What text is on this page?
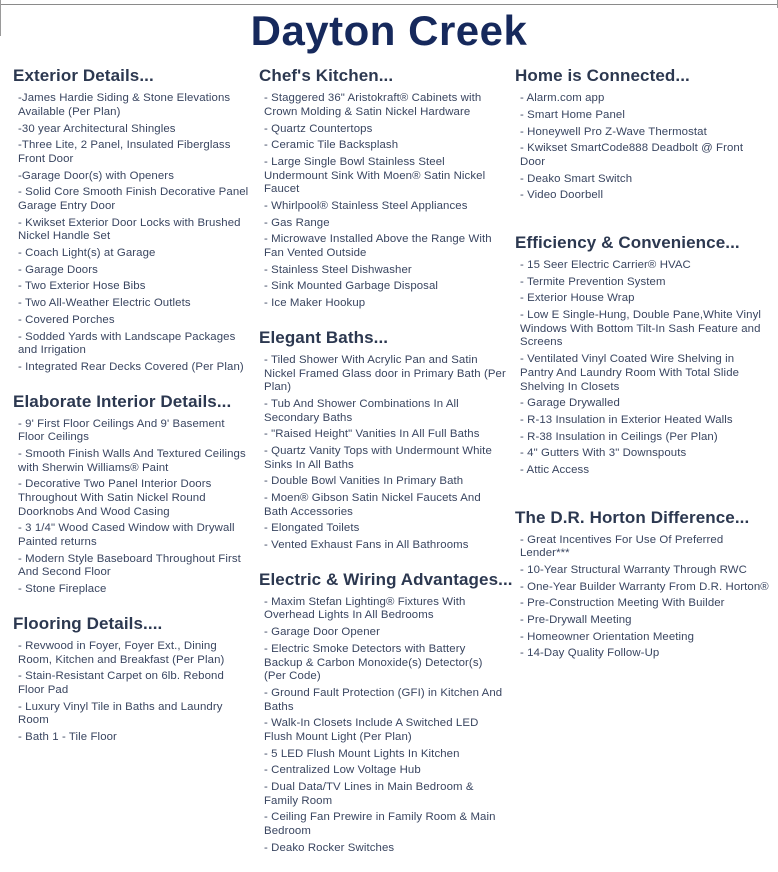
Dayton Creek
Exterior Details...

-James Hardie Siding & Stone Elevations Available (Per Plan)

-30 year Architectural Shingles

-Three Lite, 2 Panel, Insulated Fiberglass Front Door

-Garage Door(s) with Openers

- Solid Core Smooth Finish Decorative Panel Garage Entry Door

- Kwikset Exterior Door Locks with Brushed Nickel Handle Set

- Coach Light(s) at Garage

- Garage Doors

- Two Exterior Hose Bibs

- Two All-Weather Electric Outlets

- Covered Porches

- Sodded Yards with Landscape Packages and Irrigation

- Integrated Rear Decks Covered (Per Plan)

Elaborate Interior Details...

- 9' First Floor Ceilings And 9' Basement Floor Ceilings

- Smooth Finish Walls And Textured Ceilings with Sherwin Williams® Paint

- Decorative Two Panel Interior Doors Throughout With Satin Nickel Round Doorknobs And Wood Casing

- 3 1/4" Wood Cased Window with Drywall Painted returns

- Modern Style Baseboard Throughout First And Second Floor

- Stone Fireplace

Flooring Details....

- Revwood in Foyer, Foyer Ext., Dining Room, Kitchen and Breakfast (Per Plan)

- Stain-Resistant Carpet on 6lb. Rebond Floor Pad

- Luxury Vinyl Tile in Baths and Laundry Room

- Bath 1 - Tile Floor

Chef's Kitchen...

- Staggered 36" Aristokraft® Cabinets with Crown Molding & Satin Nickel Hardware

- Quartz Countertops

- Ceramic Tile Backsplash

- Large Single Bowl Stainless Steel Undermount Sink With Moen® Satin Nickel Faucet

- Whirlpool® Stainless Steel Appliances

- Gas Range

- Microwave Installed Above the Range With Fan Vented Outside

- Stainless Steel Dishwasher

- Sink Mounted Garbage Disposal

- Ice Maker Hookup

Elegant Baths...

- Tiled Shower With Acrylic Pan and Satin Nickel Framed Glass door in Primary Bath (Per Plan)

- Tub And Shower Combinations In All Secondary Baths

- "Raised Height" Vanities In All Full Baths

- Quartz Vanity Tops with Undermount White Sinks In All Baths

- Double Bowl Vanities In Primary Bath

- Moen® Gibson Satin Nickel Faucets And Bath Accessories

- Elongated Toilets

- Vented Exhaust Fans in All Bathrooms

Electric & Wiring Advantages...

- Maxim Stefan Lighting® Fixtures With Overhead Lights In All Bedrooms

- Garage Door Opener

- Electric Smoke Detectors with Battery Backup & Carbon Monoxide(s) Detector(s) (Per Code)

- Ground Fault Protection (GFI) in Kitchen And Baths

- Walk-In Closets Include A Switched LED Flush Mount Light (Per Plan)

- 5 LED Flush Mount Lights In Kitchen

- Centralized Low Voltage Hub

- Dual Data/TV Lines in Main Bedroom & Family Room

- Ceiling Fan Prewire in Family Room & Main Bedroom

- Deako Rocker Switches

Home is Connected...

- Alarm.com app

- Smart Home Panel

- Honeywell Pro Z-Wave Thermostat

- Kwikset SmartCode888 Deadbolt @ Front Door

- Deako Smart Switch

- Video Doorbell

Efficiency & Convenience...

- 15 Seer Electric Carrier® HVAC

- Termite Prevention System

- Exterior House Wrap

- Low E Single-Hung, Double Pane,White Vinyl Windows With Bottom Tilt-In Sash Feature and Screens

- Ventilated Vinyl Coated Wire Shelving in Pantry And Laundry Room With Total Slide Shelving In Closets

- Garage Drywalled

- R-13 Insulation in Exterior Heated Walls

- R-38 Insulation in Ceilings (Per Plan)

- 4" Gutters With 3" Downspouts

- Attic Access

The D.R. Horton Difference...

- Great Incentives For Use Of Preferred Lender***

- 10-Year Structural Warranty Through RWC

- One-Year Builder Warranty From D.R. Horton®

- Pre-Construction Meeting With Builder

- Pre-Drywall Meeting

- Homeowner Orientation Meeting

- 14-Day Quality Follow-Up
